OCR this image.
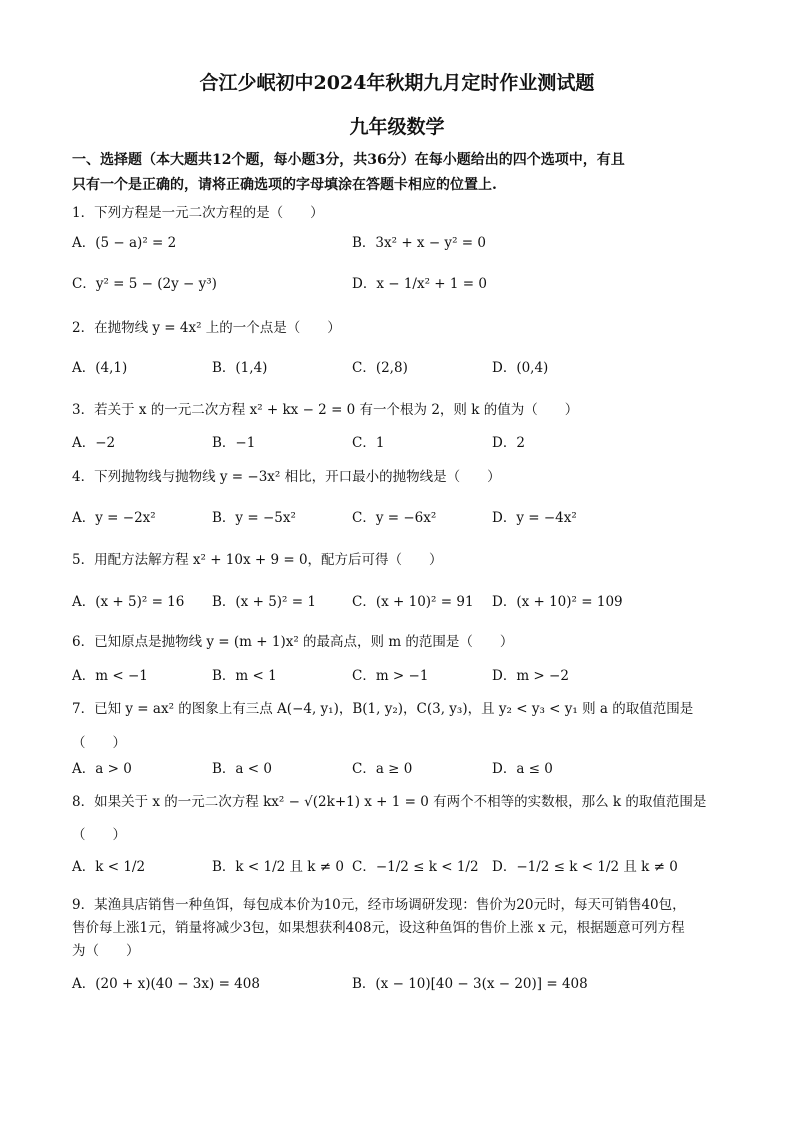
合江少岷初中2024年秋期九月定时作业测试题
九年级数学
一、选择题（本大题共12个题，每小题3分，共36分）在每小题给出的四个选项中，有且
只有一个是正确的，请将正确选项的字母填涂在答题卡相应的位置上.
1．下列方程是一元二次方程的是（　　）
A．(5 − a)² = 2	B．3x² + x − y² = 0
C．y² = 5 − (2y − y³)	D．x − 1/x² + 1 = 0
2．在抛物线 y = 4x² 上的一个点是（　　）
A．(4,1)	B．(1,4)	C．(2,8)	D．(0,4)
3．若关于 x 的一元二次方程 x² + kx − 2 = 0 有一个根为 2，则 k 的值为（　　）
A．−2	B．−1	C．1	D．2
4．下列抛物线与抛物线 y = −3x² 相比，开口最小的抛物线是（　　）
A．y = −2x²	B．y = −5x²	C．y = −6x²	D．y = −4x²
5．用配方法解方程 x² + 10x + 9 = 0，配方后可得（　　）
A．(x + 5)² = 16 B．(x + 5)² = 1	C．(x + 10)² = 91 D．(x + 10)² = 109
6．已知原点是抛物线 y = (m + 1)x² 的最高点，则 m 的范围是（　　）
A．m < −1	B．m < 1	C．m > −1	D．m > −2
7．已知 y = ax² 的图象上有三点 A(−4, y₁)，B(1, y₂)，C(3, y₃)，且 y₂ < y₃ < y₁ 则 a 的取值范围是
（　　）
A．a > 0	B．a < 0	C．a ≥ 0	D．a ≤ 0
8．如果关于 x 的一元二次方程 kx² − √(2k+1) x + 1 = 0 有两个不相等的实数根，那么 k 的取值范围是
（　　）
A．k < 1/2	B．k < 1/2 且 k ≠ 0 C．−1/2 ≤ k < 1/2 D．−1/2 ≤ k < 1/2 且 k ≠ 0
9．某渔具店销售一种鱼饵，每包成本价为10元，经市场调研发现：售价为20元时，每天可销售40包，
售价每上涨1元，销量将减少3包，如果想获利408元，设这种鱼饵的售价上涨 x 元，根据题意可列方程
为（　　）
A．(20 + x)(40 − 3x) = 408	B．(x − 10)[40 − 3(x − 20)] = 408
